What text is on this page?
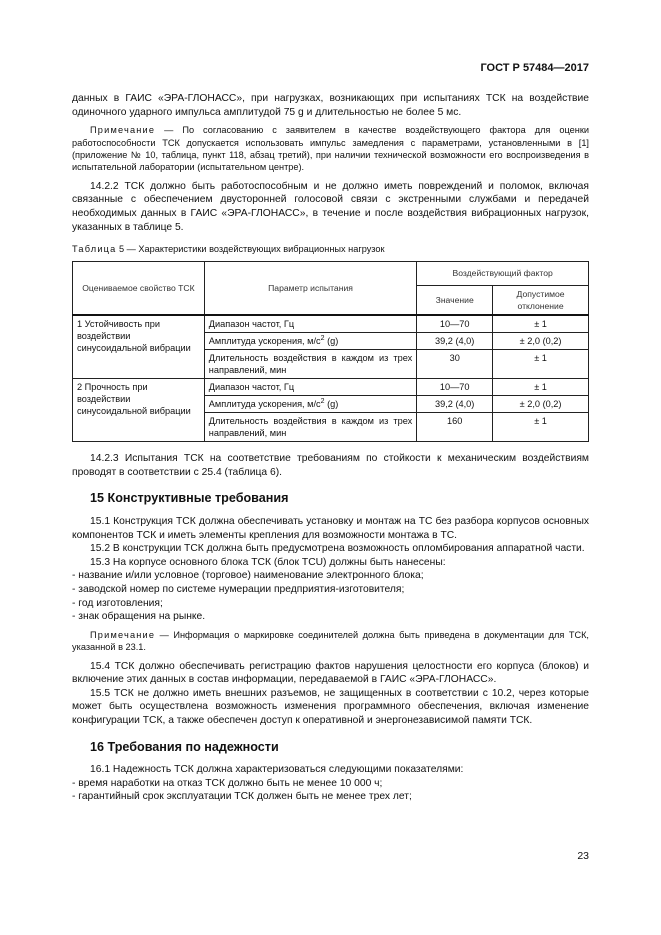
ГОСТ Р 57484—2017

данных в ГАИС «ЭРА-ГЛОНАСС», при нагрузках, возникающих при испытаниях ТСК на воздействие одиночного ударного импульса амплитудой 75 g и длительностью не более 5 мс.

Примечание — По согласованию с заявителем в качестве воздействующего фактора для оценки работоспособности ТСК допускается использовать импульс замедления с параметрами, установленными в [1] (приложение № 10, таблица, пункт 118, абзац третий), при наличии технической возможности его воспроизведения в испытательной лаборатории (испытательном центре).

14.2.2 ТСК должно быть работоспособным и не должно иметь повреждений и поломок, включая связанные с обеспечением двусторонней голосовой связи с экстренными службами и передачей необходимых данных в ГАИС «ЭРА-ГЛОНАСС», в течение и после воздействия вибрационных нагрузок, указанных в таблице 5.

Таблица 5 — Характеристики воздействующих вибрационных нагрузок
Оцениваемое свойство ТСК	Параметр испытания	Воздействующий фактор	
		Значение	Допустимое отклонение
1 Устойчивость при воздействии синусоидальной вибрации	Диапазон частот, Гц	10—70	± 1
	Амплитуда ускорения, $м/с^2$ (g)	39,2 (4,0)	± 2,0 (0,2)
	Длительность воздействия в каждом из трех направлений, мин	30	± 1
2 Прочность при воздействии синусоидальной вибрации	Диапазон частот, Гц	10—70	± 1
	Амплитуда ускорения, $м/с^2$ (g)	39,2 (4,0)	± 2,0 (0,2)
	Длительность воздействия в каждом из трех направлений, мин	160	± 1

14.2.3 Испытания ТСК на соответствие требованиям по стойкости к механическим воздействиям проводят в соответствии с 25.4 (таблица 6).

15 Конструктивные требования

15.1 Конструкция ТСК должна обеспечивать установку и монтаж на ТС без разбора корпусов основных компонентов ТСК и иметь элементы крепления для возможности монтажа в ТС.

15.2 В конструкции ТСК должна быть предусмотрена возможность опломбирования аппаратной части.

15.3 На корпусе основного блока ТСК (блок TCU) должны быть нанесены:

- название и/или условное (торговое) наименование электронного блока;
- заводской номер по системе нумерации предприятия-изготовителя;
- год изготовления;
- знак обращения на рынке.

Примечание — Информация о маркировке соединителей должна быть приведена в документации для ТСК, указанной в 23.1.

15.4 ТСК должно обеспечивать регистрацию фактов нарушения целостности его корпуса (блоков) и включение этих данных в состав информации, передаваемой в ГАИС «ЭРА-ГЛОНАСС».

15.5 ТСК не должно иметь внешних разъемов, не защищенных в соответствии с 10.2, через которые может быть осуществлена возможность изменения программного обеспечения, включая изменение конфигурации ТСК, а также обеспечен доступ к оперативной и энергонезависимой памяти ТСК.

16 Требования по надежности

16.1 Надежность ТСК должна характеризоваться следующими показателями:

- время наработки на отказ ТСК должно быть не менее 10 000 ч;
- гарантийный срок эксплуатации ТСК должен быть не менее трех лет;
23
